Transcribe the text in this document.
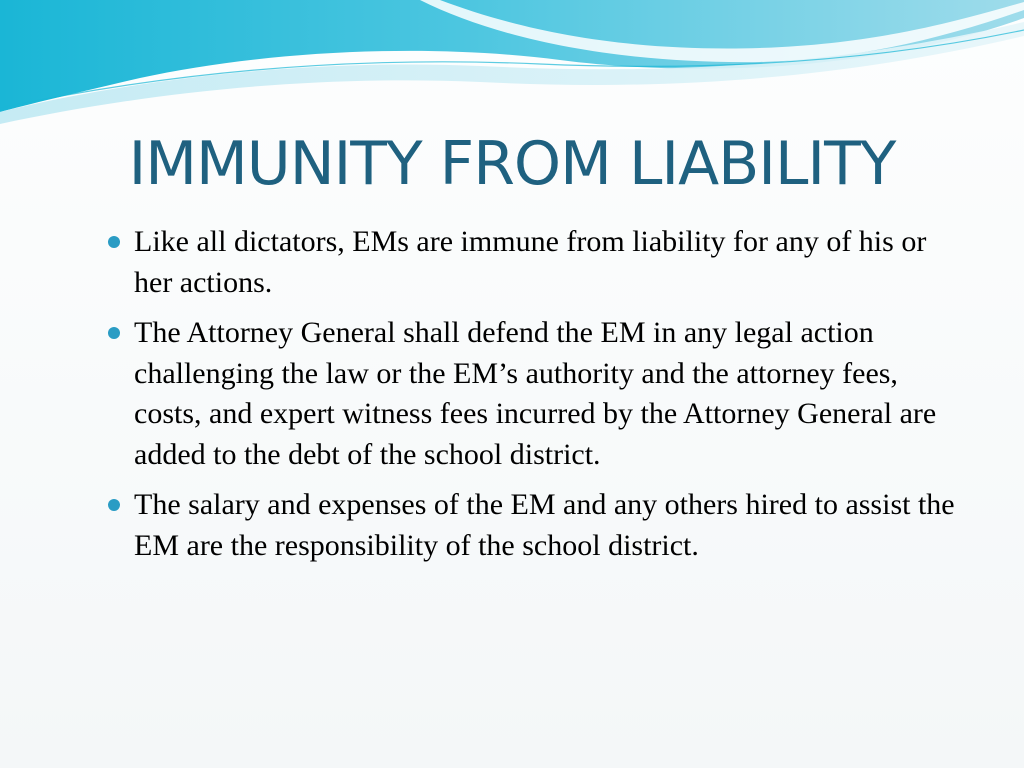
IMMUNITY FROM LIABILITY
Like all dictators, EMs are immune from liability for any of his or her actions.
The Attorney General shall defend the EM in any legal action challenging the law or the EM’s authority and the attorney fees, costs, and expert witness fees incurred by the Attorney General are added to the debt of the school district.
The salary and expenses of the EM and any others hired to assist the EM are the responsibility of the school district.
